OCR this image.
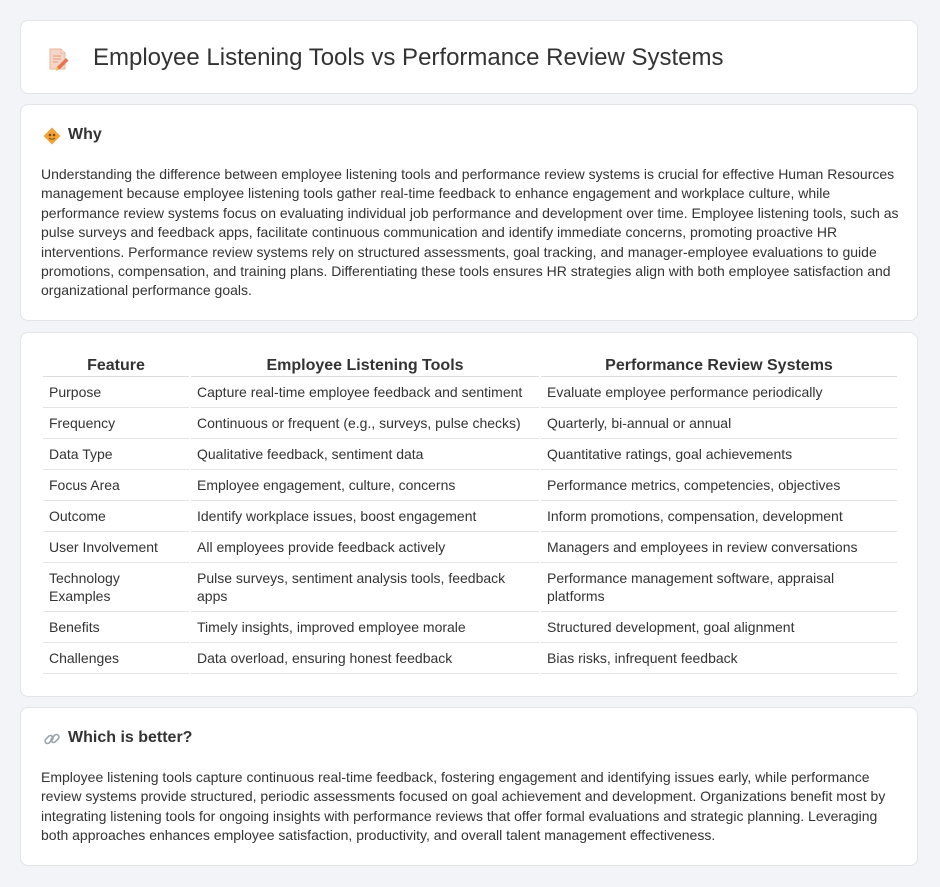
Employee Listening Tools vs Performance Review Systems
Why

Understanding the difference between employee listening tools and performance review systems is crucial for effective Human Resources management because employee listening tools gather real-time feedback to enhance engagement and workplace culture, while performance review systems focus on evaluating individual job performance and development over time. Employee listening tools, such as pulse surveys and feedback apps, facilitate continuous communication and identify immediate concerns, promoting proactive HR interventions. Performance review systems rely on structured assessments, goal tracking, and manager-employee evaluations to guide promotions, compensation, and training plans. Differentiating these tools ensures HR strategies align with both employee satisfaction and organizational performance goals.

Feature	Employee Listening Tools	Performance Review Systems
Purpose	Capture real-time employee feedback and sentiment	Evaluate employee performance periodically
Frequency	Continuous or frequent (e.g., surveys, pulse checks)	Quarterly, bi-annual or annual
Data Type	Qualitative feedback, sentiment data	Quantitative ratings, goal achievements
Focus Area	Employee engagement, culture, concerns	Performance metrics, competencies, objectives
Outcome	Identify workplace issues, boost engagement	Inform promotions, compensation, development
User Involvement	All employees provide feedback actively	Managers and employees in review conversations
Technology Examples	Pulse surveys, sentiment analysis tools, feedback apps	Performance management software, appraisal platforms
Benefits	Timely insights, improved employee morale	Structured development, goal alignment
Challenges	Data overload, ensuring honest feedback	Bias risks, infrequent feedback
Which is better?

Employee listening tools capture continuous real-time feedback, fostering engagement and identifying issues early, while performance review systems provide structured, periodic assessments focused on goal achievement and development. Organizations benefit most by integrating listening tools for ongoing insights with performance reviews that offer formal evaluations and strategic planning. Leveraging both approaches enhances employee satisfaction, productivity, and overall talent management effectiveness.
